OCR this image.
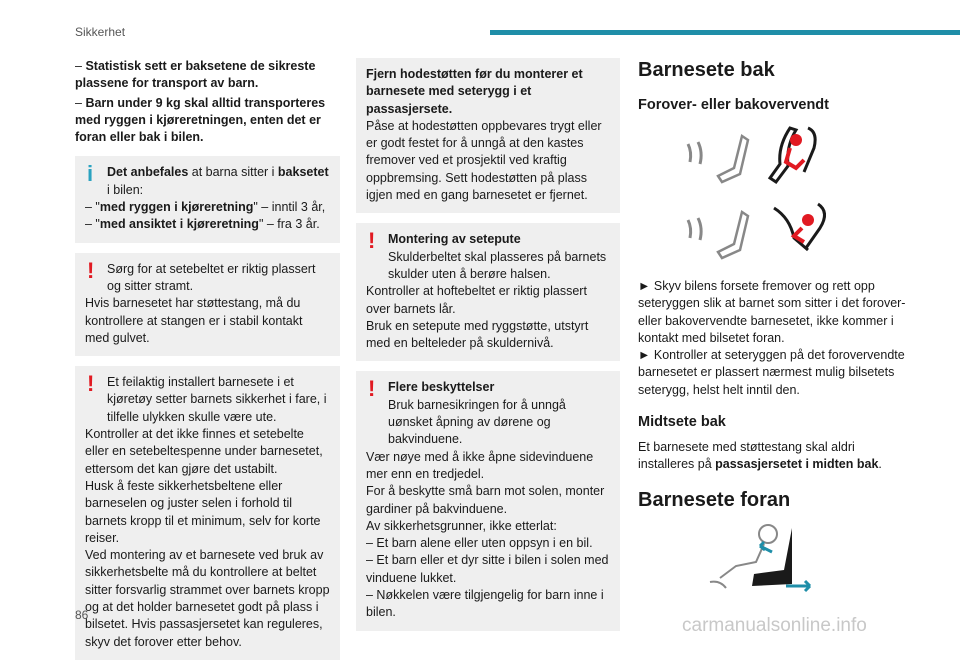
Sikkerhet

– Statistisk sett er baksetene de sikreste plassene for transport av barn.

– Barn under 9 kg skal alltid transporteres med ryggen i kjøreretningen, enten det er foran eller bak i bilen.

i	Det anbefales at barna sitter i baksetet i bilen:

– "med ryggen i kjøreretning" – inntil 3 år,

– "med ansiktet i kjøreretning" – fra 3 år.

!	Sørg for at setebeltet er riktig plassert og sitter stramt.

Hvis barnesetet har støttestang, må du kontrollere at stangen er i stabil kontakt med gulvet.

!	Et feilaktig installert barnesete i et kjøretøy setter barnets sikkerhet i fare, i tilfelle ulykken skulle være ute.

Kontroller at det ikke finnes et setebelte eller en setebeltespenne under barnesetet, ettersom det kan gjøre det ustabilt.

Husk å feste sikkerhetsbeltene eller barneselen og juster selen i forhold til barnets kropp til et minimum, selv for korte reiser.

Ved montering av et barnesete ved bruk av sikkerhetsbelte må du kontrollere at beltet sitter forsvarlig strammet over barnets kropp og at det holder barnesetet godt på plass i bilsetet. Hvis passasjersetet kan reguleres, skyv det forover etter behov.

Fjern hodestøtten før du monterer et barnesete med seterygg i et passasjersete.

Påse at hodestøtten oppbevares trygt eller er godt festet for å unngå at den kastes fremover ved et prosjektil ved kraftig oppbremsing. Sett hodestøtten på plass igjen med en gang barnesetet er fjernet.

!	Montering av setepute

Skulderbeltet skal plasseres på barnets skulder uten å berøre halsen.

Kontroller at hoftebeltet er riktig plassert over barnets lår.

Bruk en setepute med ryggstøtte, utstyrt med en belteleder på skuldernivå.

!	Flere beskyttelser

Bruk barnesikringen for å unngå uønsket åpning av dørene og bakvinduene.

Vær nøye med å ikke åpne sidevinduene mer enn en tredjedel.

For å beskytte små barn mot solen, monter gardiner på bakvinduene.

Av sikkerhetsgrunner, ikke etterlat:

– Et barn alene eller uten oppsyn i en bil.

– Et barn eller et dyr sitte i bilen i solen med vinduene lukket.

– Nøkkelen være tilgjengelig for barn inne i bilen.

Barnesete bak
Forover- eller bakovervendt

► Skyv bilens forsete fremover og rett opp seteryggen slik at barnet som sitter i det forover- eller bakovervendte barnesetet, ikke kommer i kontakt med bilsetet foran.

► Kontroller at seteryggen på det forovervendte barnesetet er plassert nærmest mulig bilsetets seterygg, helst helt inntil den.

Midtsete bak

Et barnesete med støttestang skal aldri installeres på passasjersetet i midten bak.

Barnesete foran
86	carmanualsonline.info
